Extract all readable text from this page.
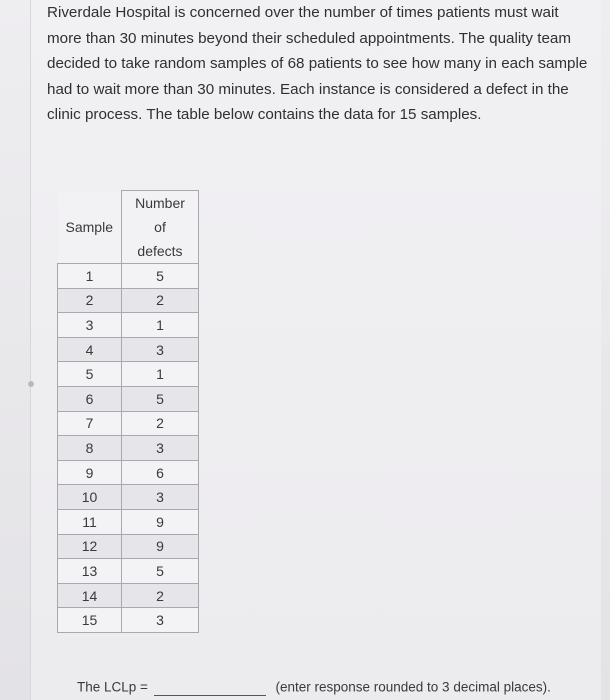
Riverdale Hospital is concerned over the number of times patients must wait more than 30 minutes beyond their scheduled appointments. The quality team decided to take random samples of 68 patients to see how many in each sample had to wait more than 30 minutes. Each instance is considered a defect in the clinic process. The table below contains the data for 15 samples.

Sample	Number
of
defects
1	5
2	2
3	1
4	3
5	1
6	5
7	2
8	3
9	6
10	3
11	9
12	9
13	5
14	2
15	3
The LCLp =	(enter response rounded to 3 decimal places).
